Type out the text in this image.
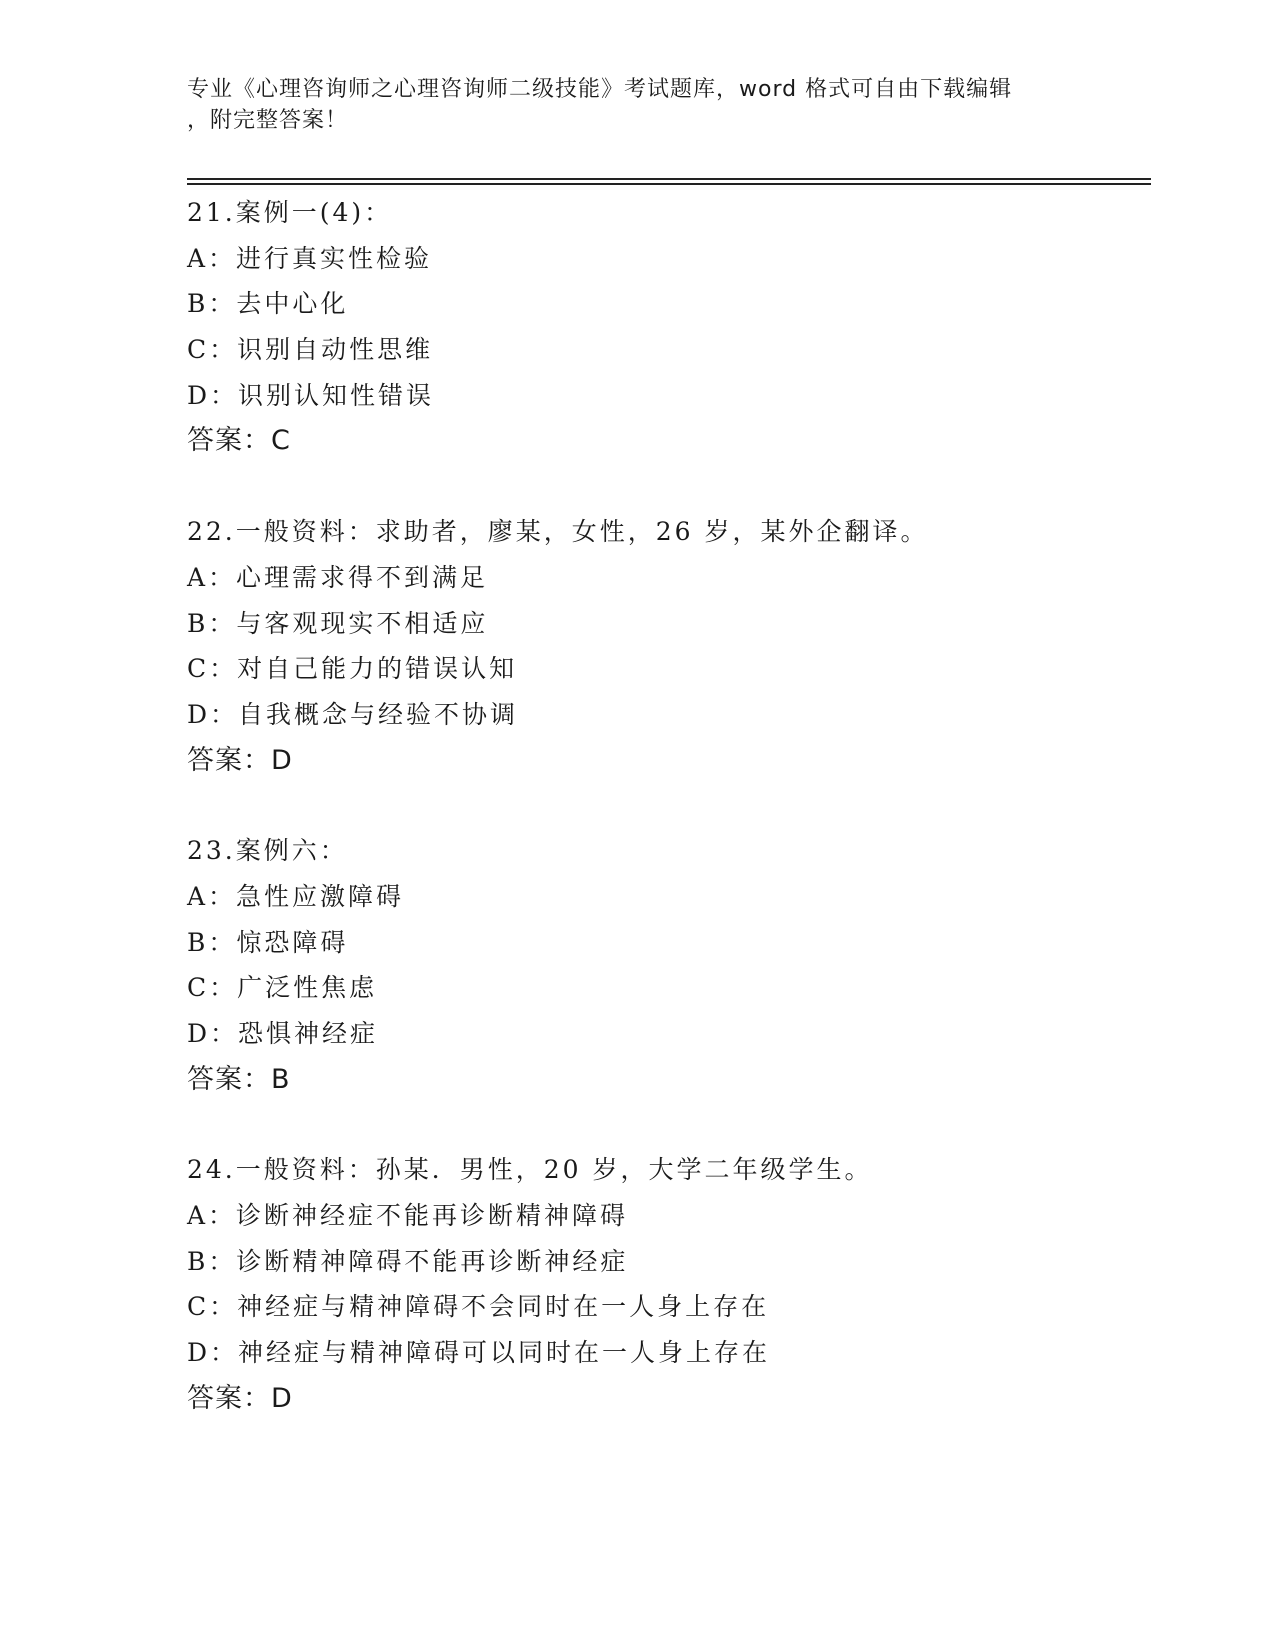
专业《心理咨询师之心理咨询师二级技能》考试题库，word 格式可自由下载编辑
，附完整答案！
21.案例一(4)：
A：进行真实性检验
B：去中心化
C：识别自动性思维
D：识别认知性错误
答案：C
22.一般资料：求助者，廖某，女性，26 岁，某外企翻译。
A：心理需求得不到满足
B：与客观现实不相适应
C：对自己能力的错误认知
D：自我概念与经验不协调
答案：D
23.案例六：
A：急性应激障碍
B：惊恐障碍
C：广泛性焦虑
D：恐惧神经症
答案：B
24.一般资料：孙某．男性，20 岁，大学二年级学生。
A：诊断神经症不能再诊断精神障碍
B：诊断精神障碍不能再诊断神经症
C：神经症与精神障碍不会同时在一人身上存在
D：神经症与精神障碍可以同时在一人身上存在
答案：D
